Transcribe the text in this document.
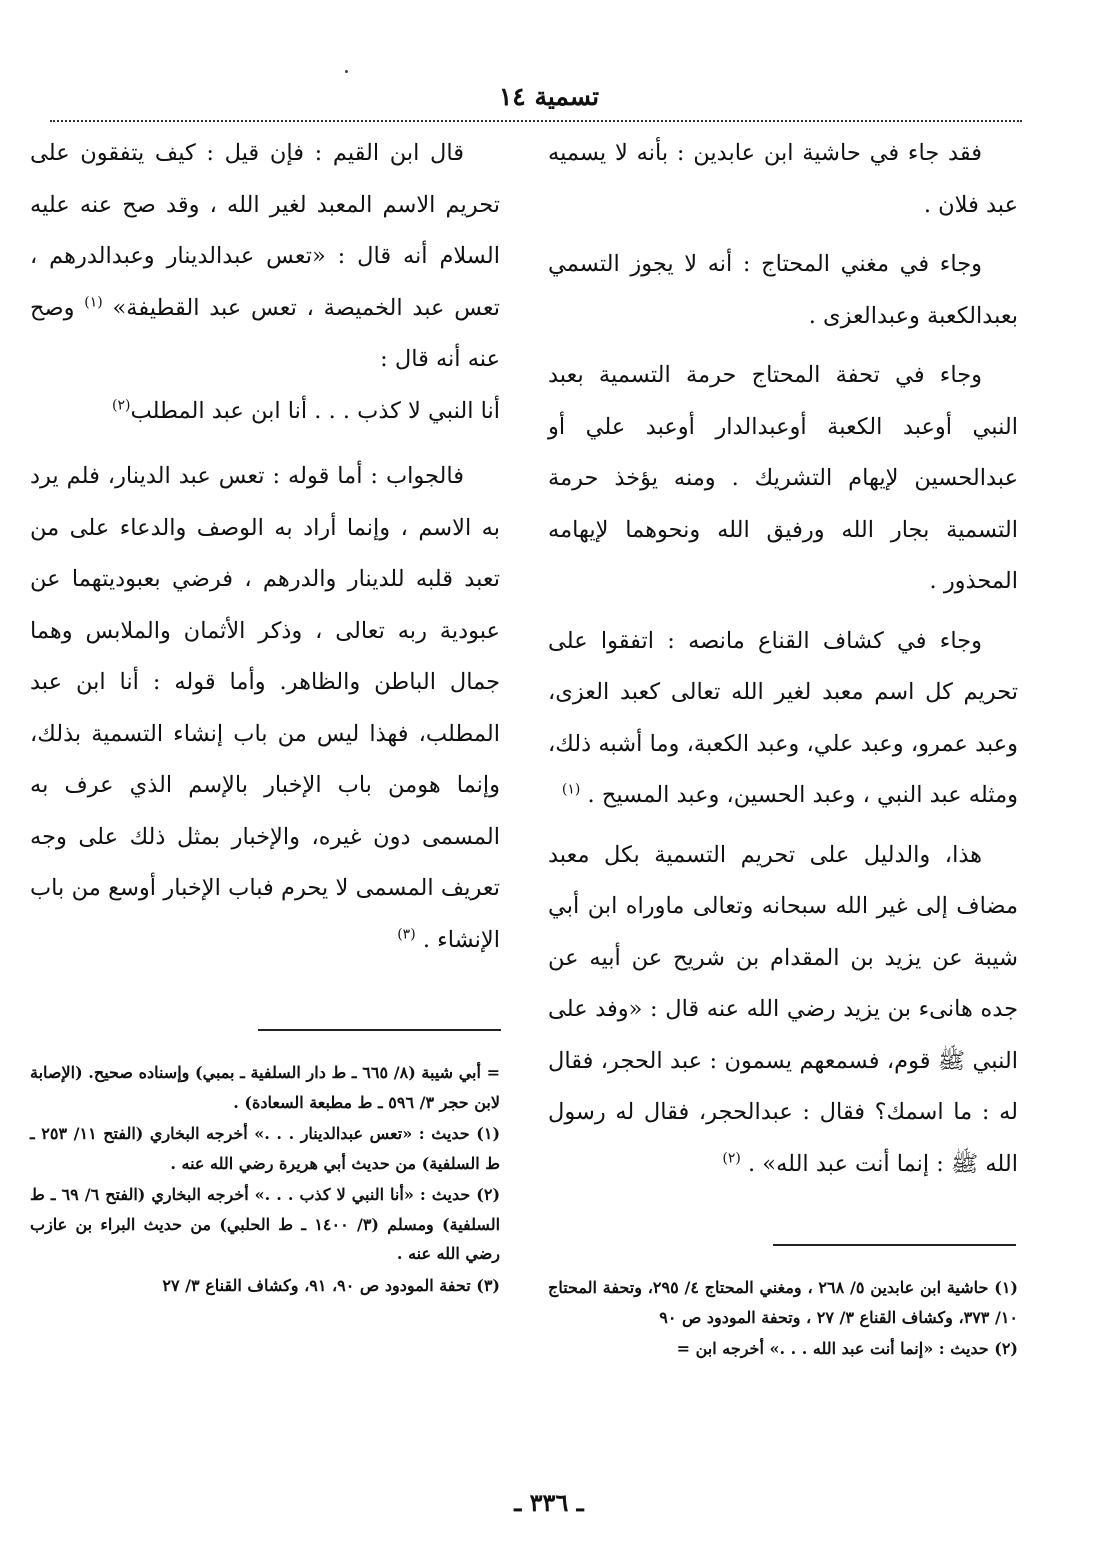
تسمية ١٤

فقد جاء في حاشية ابن عابدين : بأنه لا يسميه عبد فلان .

وجاء في مغني المحتاج : أنه لا يجوز التسمي بعبدالكعبة وعبدالعزى .

وجاء في تحفة المحتاج حرمة التسمية بعبد النبي أوعبد الكعبة أوعبدالدار أوعبد علي أو عبدالحسين لإيهام التشريك . ومنه يؤخذ حرمة التسمية بجار الله ورفيق الله ونحوهما لإيهامه المحذور .

وجاء في كشاف القناع مانصه : اتفقوا على تحريم كل اسم معبد لغير الله تعالى كعبد العزى، وعبد عمرو، وعبد علي، وعبد الكعبة، وما أشبه ذلك، ومثله عبد النبي ، وعبد الحسين، وعبد المسيح . $^{(١)}$

هذا، والدليل على تحريم التسمية بكل معبد مضاف إلى غير الله سبحانه وتعالى ماوراه ابن أبي شيبة عن يزيد بن المقدام بن شريح عن أبيه عن جده هانىء بن يزيد رضي الله عنه قال : «وفد على النبي ﷺ قوم، فسمعهم يسمون : عبد الحجر، فقال له : ما اسمك؟ فقال : عبدالحجر، فقال له رسول الله ﷺ : إنما أنت عبد الله» . $^{(٢)}$

(١) حاشية ابن عابدين ٥/ ٢٦٨ ، ومغني المحتاج ٤/ ٢٩٥، وتحفة المحتاج ١٠/ ٣٧٣، وكشاف القناع ٣/ ٢٧ ، وتحفة المودود ص ٩٠

(٢) حديث : «إنما أنت عبد الله . . .» أخرجه ابن =

قال ابن القيم : فإن قيل : كيف يتفقون على تحريم الاسم المعبد لغير الله ، وقد صح عنه عليه السلام أنه قال : «تعس عبدالدينار وعبدالدرهم ، تعس عبد الخميصة ، تعس عبد القطيفة» $^{(١)}$ وصح عنه أنه قال :

أنا النبي لا كذب . . . أنا ابن عبد المطلب$^{(٢)}$

فالجواب : أما قوله : تعس عبد الدينار، فلم يرد به الاسم ، وإنما أراد به الوصف والدعاء على من تعبد قلبه للدينار والدرهم ، فرضي بعبوديتهما عن عبودية ربه تعالى ، وذكر الأثمان والملابس وهما جمال الباطن والظاهر. وأما قوله : أنا ابن عبد المطلب، فهذا ليس من باب إنشاء التسمية بذلك، وإنما هومن باب الإخبار بالإسم الذي عرف به المسمى دون غيره، والإخبار بمثل ذلك على وجه تعريف المسمى لا يحرم فباب الإخبار أوسع من باب الإنشاء . $^{(٣)}$

= أبي شيبة (٨/ ٦٦٥ ـ ط دار السلفية ـ بمبي) وإسناده صحيح. (الإصابة لابن حجر ٣/ ٥٩٦ ـ ط مطبعة السعادة) .

(١) حديث : «تعس عبدالدينار . . .» أخرجه البخاري (الفتح ١١/ ٢٥٣ ـ ط السلفية) من حديث أبي هريرة رضي الله عنه .

(٢) حديث : «أنا النبي لا كذب . . .» أخرجه البخاري (الفتح ٦/ ٦٩ ـ ط السلفية) ومسلم (٣/ ١٤٠٠ ـ ط الحلبي) من حديث البراء بن عازب رضي الله عنه .

(٣) تحفة المودود ص ٩٠، ٩١، وكشاف القناع ٣/ ٢٧

ـ ٣٣٦ ـ
